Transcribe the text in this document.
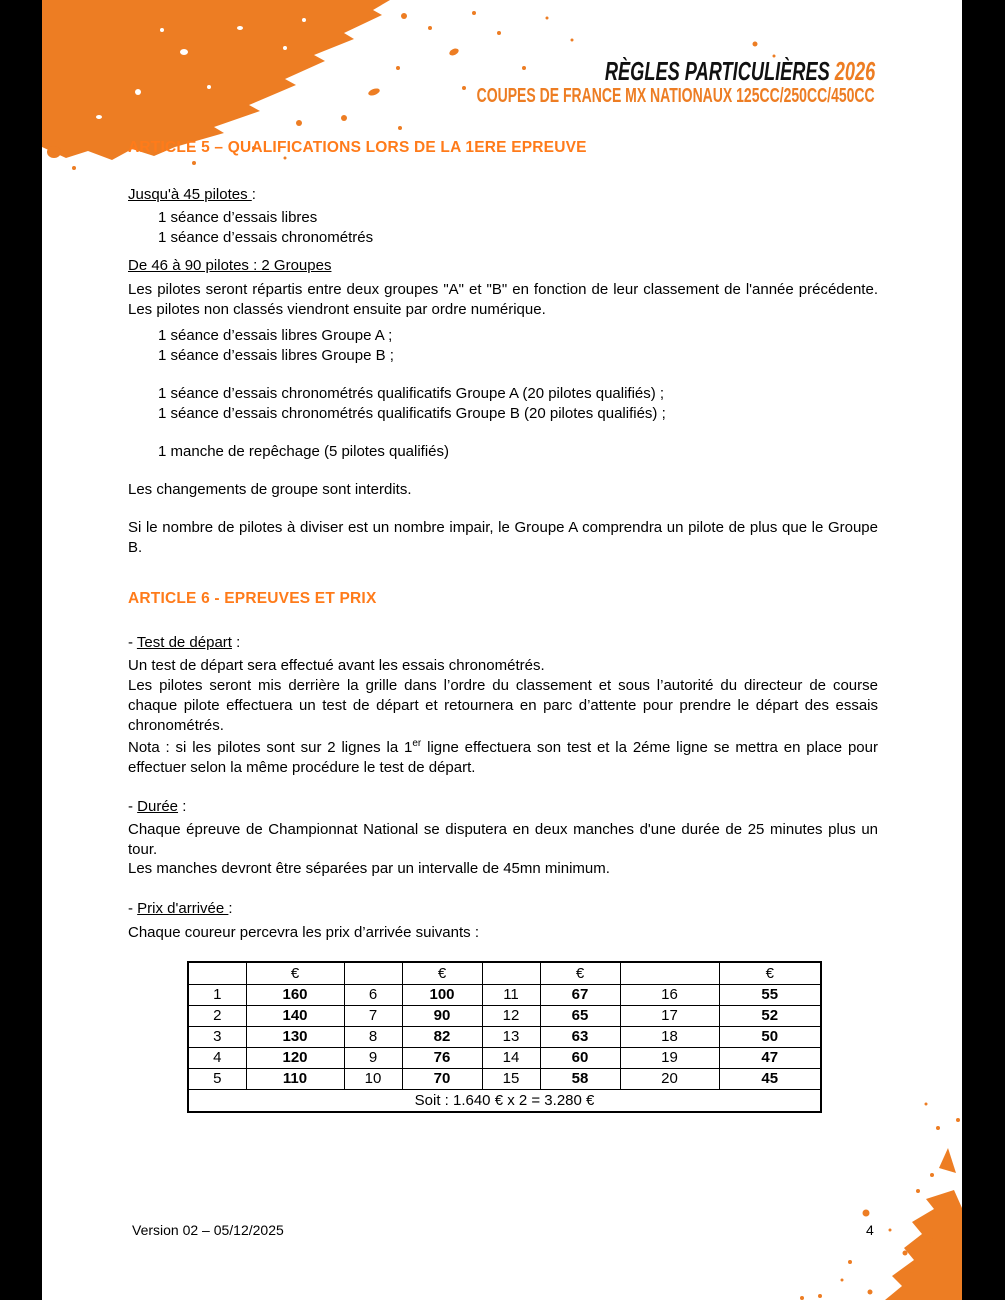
RÈGLES PARTICULIÈRES 2026
COUPES DE FRANCE MX NATIONAUX 125CC/250CC/450CC
ARTICLE 5 – QUALIFICATIONS LORS DE LA 1ERE EPREUVE
Jusqu'à 45 pilotes :
1 séance d’essais libres
1 séance d’essais chronométrés
De 46 à 90 pilotes : 2 Groupes
Les pilotes seront répartis entre deux groupes "A" et "B" en fonction de leur classement de l'année précédente. Les pilotes non classés viendront ensuite par ordre numérique.
1 séance d’essais libres Groupe A ;
1 séance d’essais libres Groupe B ;
1 séance d’essais chronométrés qualificatifs Groupe A (20 pilotes qualifiés) ;
1 séance d’essais chronométrés qualificatifs Groupe B (20 pilotes qualifiés) ;
1 manche de repêchage (5 pilotes qualifiés)
Les changements de groupe sont interdits.
Si le nombre de pilotes à diviser est un nombre impair, le Groupe A comprendra un pilote de plus que le Groupe B.
ARTICLE 6 - EPREUVES ET PRIX
- Test de départ :
Un test de départ sera effectué avant les essais chronométrés.
Les pilotes seront mis derrière la grille dans l’ordre du classement et sous l’autorité du directeur de course chaque pilote effectuera un test de départ et retournera en parc d’attente pour prendre le départ des essais chronométrés.
Nota : si les pilotes sont sur 2 lignes la 1er ligne effectuera son test et la 2éme ligne se mettra en place pour effectuer selon la même procédure le test de départ.
- Durée :
Chaque épreuve de Championnat National se disputera en deux manches d'une durée de 25 minutes plus un tour.
Les manches devront être séparées par un intervalle de 45mn minimum.
- Prix d'arrivée :
Chaque coureur percevra les prix d’arrivée suivants :
	€		€		€		€
1	160	6	100	11	67	16	55
2	140	7	90	12	65	17	52
3	130	8	82	13	63	18	50
4	120	9	76	14	60	19	47
5	110	10	70	15	58	20	45
Soit : 1.640 € x 2 = 3.280 €							
Version 02 – 05/12/2025	4
